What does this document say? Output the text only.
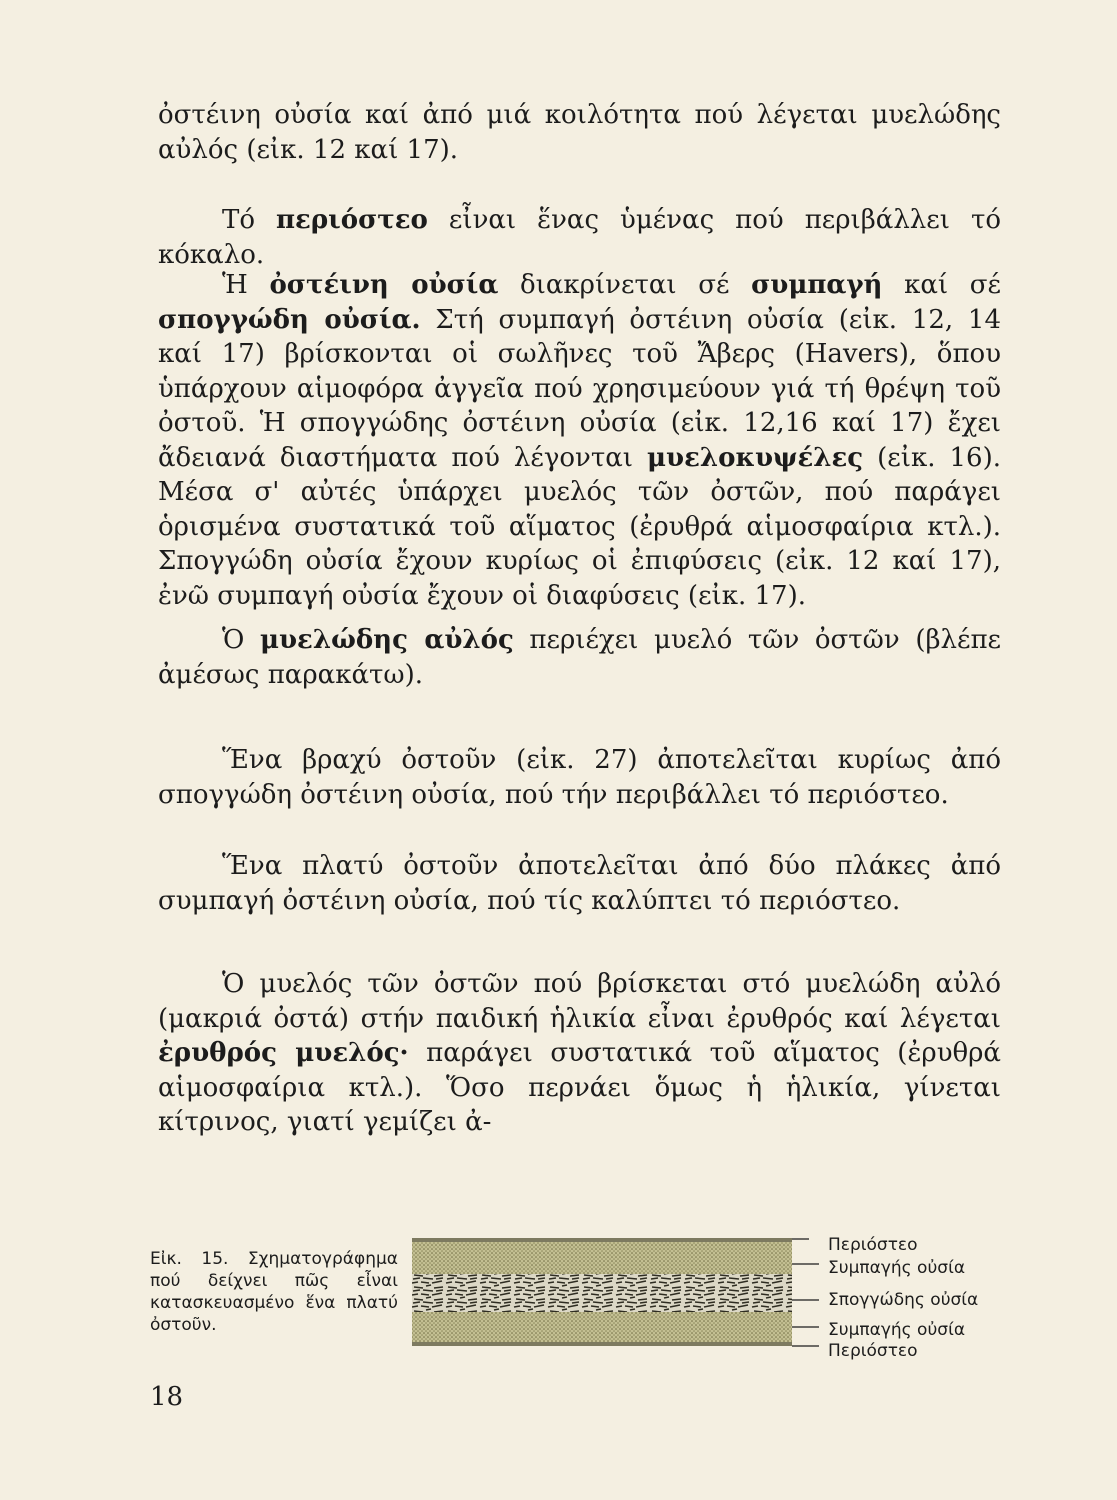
ὀστέινη οὐσία καί ἀπό μιά κοιλότητα πού λέγεται μυελώδης αὐλός (εἰκ. 12 καί 17).

Τό περιόστεο εἶναι ἕνας ὑμένας πού περιβάλλει τό κόκαλο.

Ἡ ὀστέινη οὐσία διακρίνεται σέ συμπαγή καί σέ σπογγώδη οὐσία. Στή συμπαγή ὀστέινη οὐσία (εἰκ. 12, 14 καί 17) βρίσκονται οἱ σωλῆνες τοῦ Ἄβερς (Havers), ὅπου ὑπάρχουν αἱμοφόρα ἀγγεῖα πού χρησιμεύουν γιά τή θρέψη τοῦ ὀστοῦ. Ἡ σπογγώδης ὀστέινη οὐσία (εἰκ. 12,16 καί 17) ἔχει ἄδειανά διαστήματα πού λέγονται μυελοκυψέλες (εἰκ. 16). Μέσα σ' αὐτές ὑπάρχει μυελός τῶν ὀστῶν, πού παράγει ὁρισμένα συστατικά τοῦ αἵματος (ἐρυθρά αἱμοσφαίρια κτλ.). Σπογγώδη οὐσία ἔχουν κυρίως οἱ ἐπιφύσεις (εἰκ. 12 καί 17), ἐνῶ συμπαγή οὐσία ἔχουν οἱ διαφύσεις (εἰκ. 17).

Ὁ μυελώδης αὐλός περιέχει μυελό τῶν ὀστῶν (βλέπε ἀμέσως παρακάτω).

Ἕνα βραχύ ὀστοῦν (εἰκ. 27) ἀποτελεῖται κυρίως ἀπό σπογγώδη ὀστέινη οὐσία, πού τήν περιβάλλει τό περιόστεο.

Ἕνα πλατύ ὀστοῦν ἀποτελεῖται ἀπό δύο πλάκες ἀπό συμπαγή ὀστέινη οὐσία, πού τίς καλύπτει τό περιόστεο.

Ὁ μυελός τῶν ὀστῶν πού βρίσκεται στό μυελώδη αὐλό (μακριά ὀστά) στήν παιδική ἡλικία εἶναι ἐρυθρός καί λέγεται ἐρυθρός μυελός· παράγει συστατικά τοῦ αἵματος (ἐρυθρά αἱμοσφαίρια κτλ.). Ὅσο περνάει ὅμως ἡ ἡλικία, γίνεται κίτρινος, γιατί γεμίζει ἀ-

Εἰκ. 15. Σχηματογράφημα πού δείχνει πῶς εἶναι κατασκευασμένο ἕνα πλατύ ὀστοῦν.
Περιόστεο
Συμπαγής οὐσία
Σπογγώδης οὐσία
Συμπαγής οὐσία
Περιόστεο
18
